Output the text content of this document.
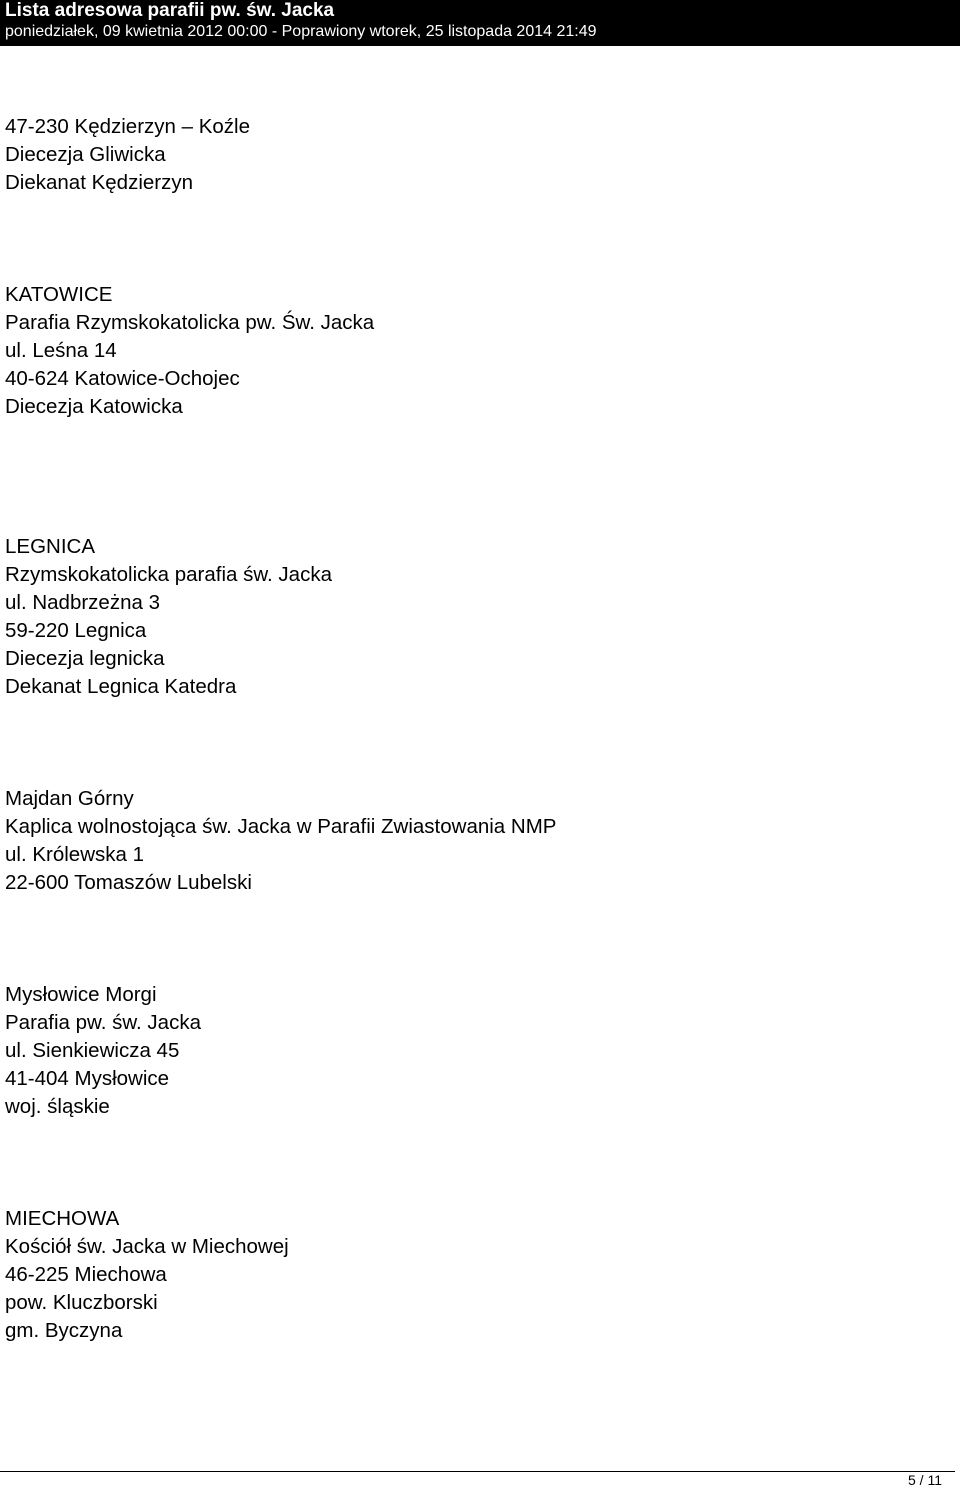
Lista adresowa parafii pw. św. Jacka
poniedziałek, 09 kwietnia 2012 00:00 - Poprawiony wtorek, 25 listopada 2014 21:49
47-230 Kędzierzyn – Koźle
Diecezja Gliwicka
Diekanat Kędzierzyn
KATOWICE
Parafia Rzymskokatolicka pw. Św. Jacka
ul. Leśna 14
40-624 Katowice-Ochojec
Diecezja Katowicka
LEGNICA
Rzymskokatolicka parafia św. Jacka
ul. Nadbrzeżna 3
59-220 Legnica
Diecezja legnicka
Dekanat Legnica Katedra
Majdan Górny
Kaplica wolnostojąca św. Jacka w Parafii Zwiastowania NMP
ul. Królewska 1
22-600 Tomaszów Lubelski
Mysłowice Morgi
Parafia pw. św. Jacka
ul. Sienkiewicza 45
41-404 Mysłowice
woj. śląskie
MIECHOWA
Kościół św. Jacka w Miechowej
46-225 Miechowa
pow. Kluczborski
gm. Byczyna
5 / 11
